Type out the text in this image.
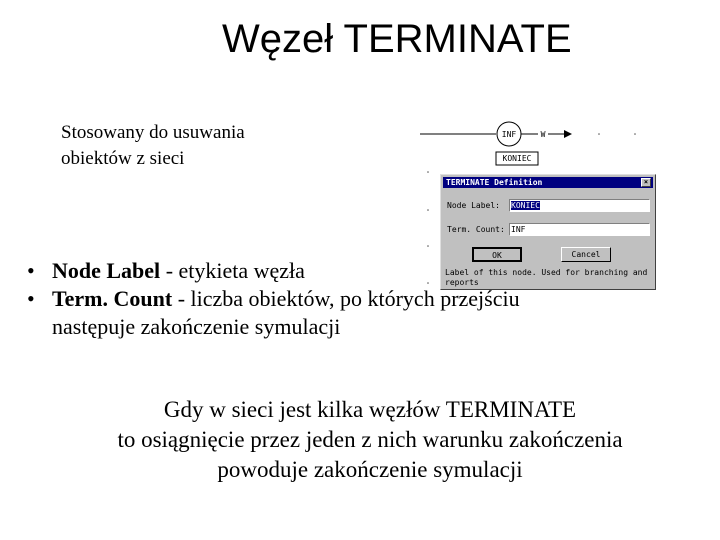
Węzeł TERMINATE
Stosowany do usuwania
obiektów z sieci
INF	W
KONIEC
TERMINATE Definition	×
Node Label: KONIEC
Term. Count: INF
OK	Cancel
Label of this node. Used for branching and reports
• Node Label - etykieta węzła
• Term. Count - liczba obiektów, po których przejściu
następuje zakończenie symulacji
Gdy w sieci jest kilka węzłów TERMINATE
to osiągnięcie przez jeden z nich warunku zakończenia
powoduje zakończenie symulacji
